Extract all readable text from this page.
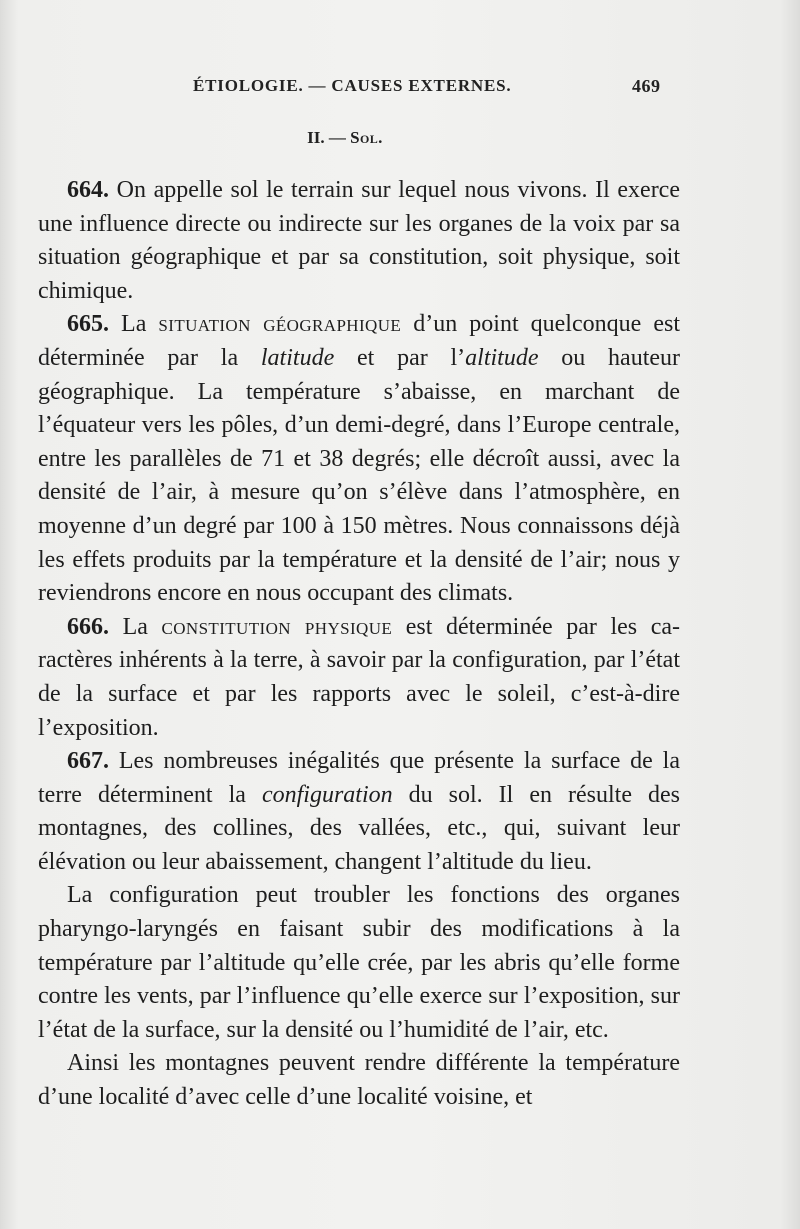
ÉTIOLOGIE. — CAUSES EXTERNES.	469
II. — Sol.

664. On appelle sol le terrain sur lequel nous vivons. Il exerce une influence directe ou indirecte sur les organes de la voix par sa situation géographique et par sa constitution, soit physique, soit chimique.

665. La situation géographique d’un point quelconque est déterminée par la latitude et par l’altitude ou hauteur géographique. La température s’abaisse, en marchant de l’équateur vers les pôles, d’un demi-degré, dans l’Europe centrale, entre les parallèles de 71 et 38 degrés; elle décroît aussi, avec la densité de l’air, à mesure qu’on s’élève dans l’atmosphère, en moyenne d’un degré par 100 à 150 mètres. Nous connaissons déjà les effets produits par la température et la densité de l’air; nous y reviendrons encore en nous occupant des climats.

666. La constitution physique est déterminée par les caractères inhérents à la terre, à savoir par la configuration, par l’état de la surface et par les rapports avec le soleil, c’est-à-dire l’exposition.

667. Les nombreuses inégalités que présente la surface de la terre déterminent la configuration du sol. Il en résulte des montagnes, des collines, des vallées, etc., qui, suivant leur élévation ou leur abaissement, changent l’altitude du lieu.

La configuration peut troubler les fonctions des organes pharyngo-laryngés en faisant subir des modifications à la température par l’altitude qu’elle crée, par les abris qu’elle forme contre les vents, par l’influence qu’elle exerce sur l’exposition, sur l’état de la surface, sur la densité ou l’humidité de l’air, etc.

Ainsi les montagnes peuvent rendre différente la température d’une localité d’avec celle d’une localité voisine, et
